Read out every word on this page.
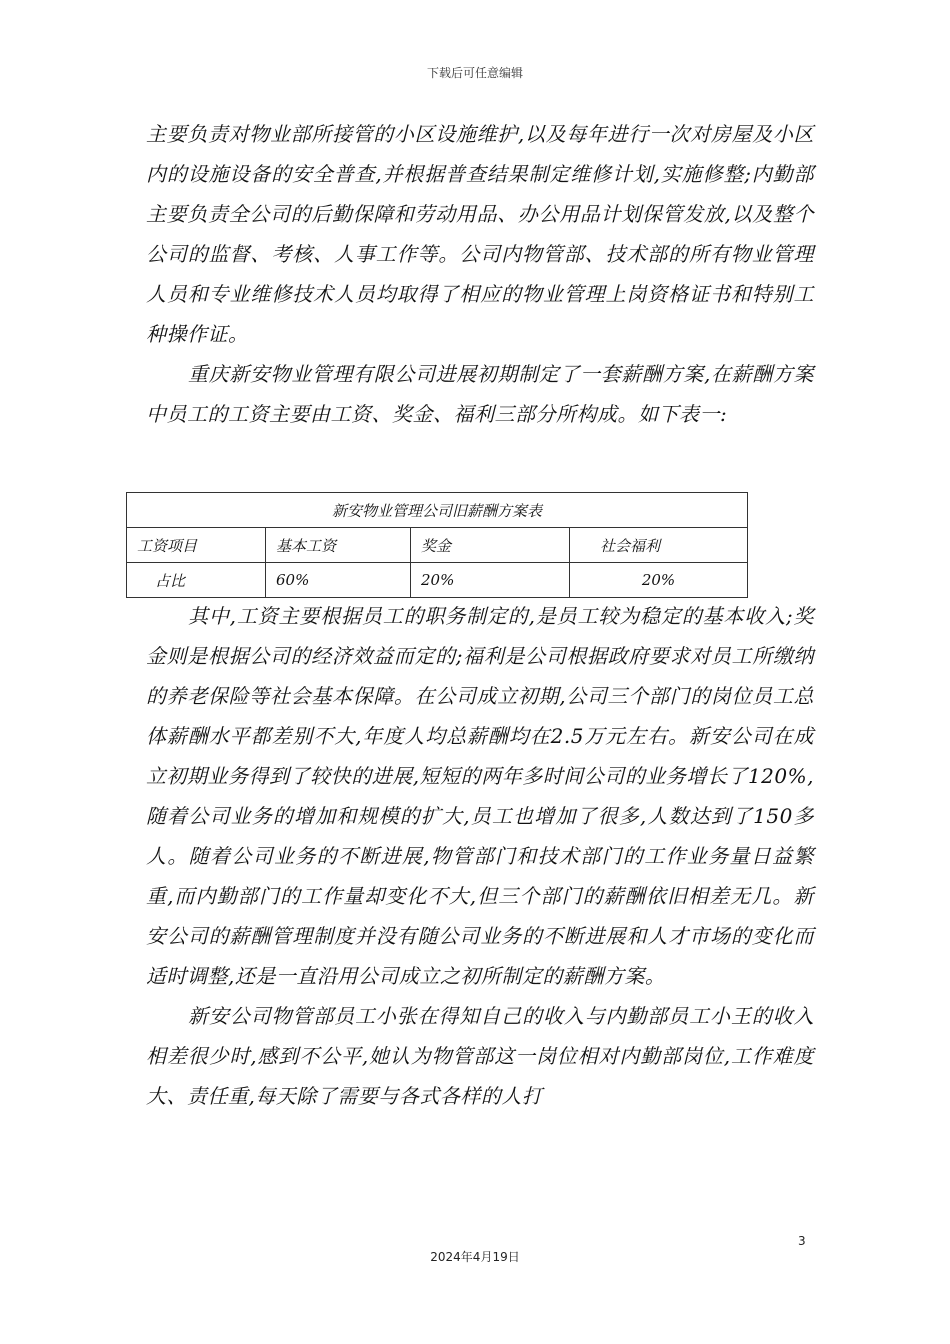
下载后可任意编辑

主要负责对物业部所接管的小区设施维护,以及每年进行一次对房屋及小区内的设施设备的安全普查,并根据普查结果制定维修计划,实施修整;内勤部主要负责全公司的后勤保障和劳动用品、办公用品计划保管发放,以及整个公司的监督、考核、人事工作等。公司内物管部、技术部的所有物业管理人员和专业维修技术人员均取得了相应的物业管理上岗资格证书和特别工种操作证。

重庆新安物业管理有限公司进展初期制定了一套薪酬方案,在薪酬方案中员工的工资主要由工资、奖金、福利三部分所构成。如下表一:

新安物业管理公司旧薪酬方案表			
工资项目	基本工资	奖金	社会福利
占比	60%	20%	20%

其中,工资主要根据员工的职务制定的,是员工较为稳定的基本收入;奖金则是根据公司的经济效益而定的;福利是公司根据政府要求对员工所缴纳的养老保险等社会基本保障。在公司成立初期,公司三个部门的岗位员工总体薪酬水平都差别不大,年度人均总薪酬均在2.5万元左右。新安公司在成立初期业务得到了较快的进展,短短的两年多时间公司的业务增长了120%,随着公司业务的增加和规模的扩大,员工也增加了很多,人数达到了150多人。随着公司业务的不断进展,物管部门和技术部门的工作业务量日益繁重,而内勤部门的工作量却变化不大,但三个部门的薪酬依旧相差无几。新安公司的薪酬管理制度并没有随公司业务的不断进展和人才市场的变化而适时调整,还是一直沿用公司成立之初所制定的薪酬方案。

新安公司物管部员工小张在得知自己的收入与内勤部员工小王的收入相差很少时,感到不公平,她认为物管部这一岗位相对内勤部岗位,工作难度大、责任重,每天除了需要与各式各样的人打

3
2024年4月19日
